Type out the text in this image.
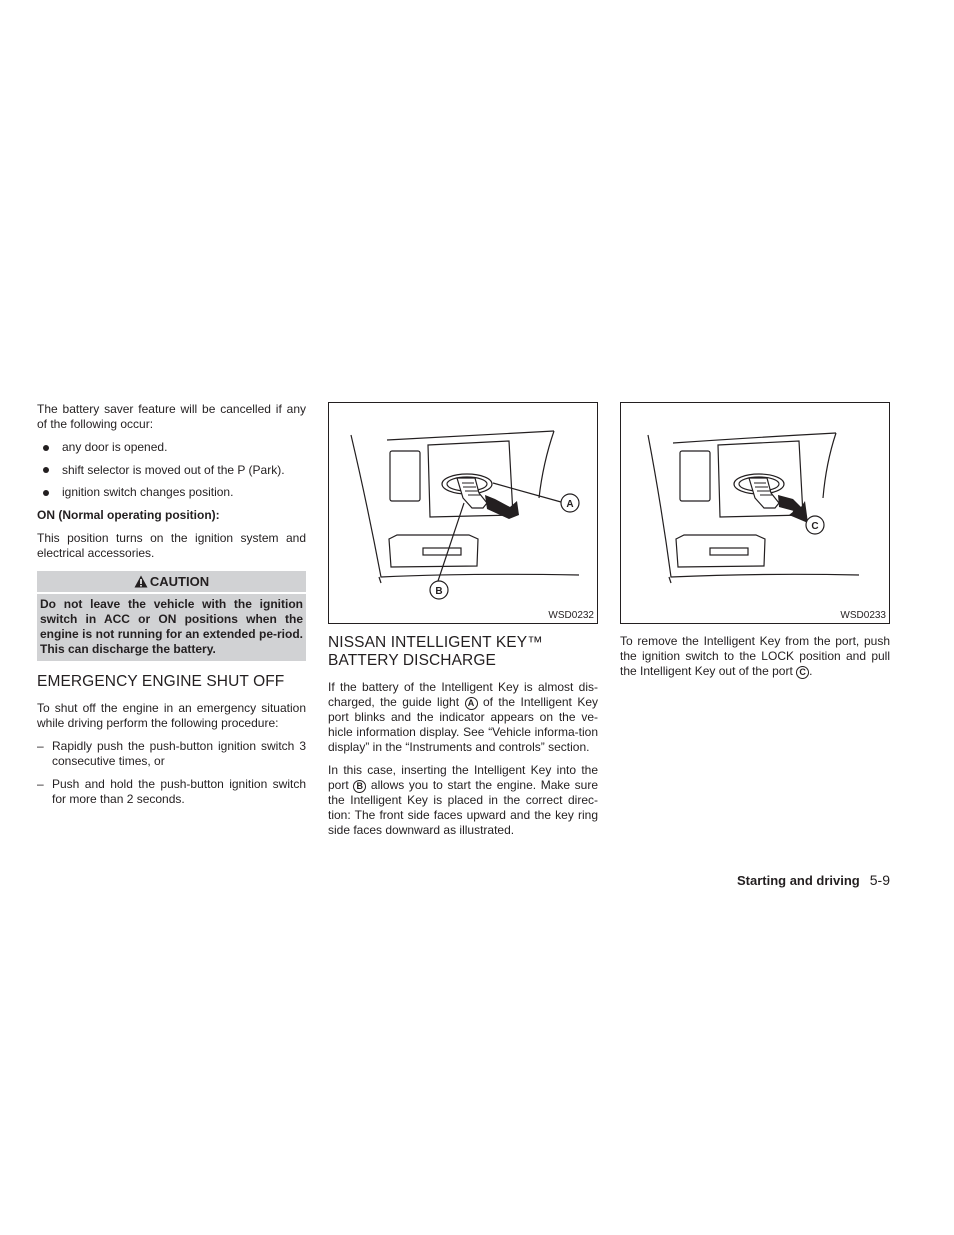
The battery saver feature will be cancelled if any of the following occur:

any door is opened.
shift selector is moved out of the P (Park).
ignition switch changes position.
ON (Normal operating position):

This position turns on the ignition system and electrical accessories.

CAUTION
Do not leave the vehicle with the ignition switch in ACC or ON positions when the engine is not running for an extended pe-riod. This can discharge the battery.
EMERGENCY ENGINE SHUT OFF

To shut off the engine in an emergency situation while driving perform the following procedure:

– Rapidly push the push-button ignition switch 3 consecutive times, or
– Push and hold the push-button ignition switch for more than 2 seconds.
A
B
WSD0232
NISSAN INTELLIGENT KEY™
BATTERY DISCHARGE

If the battery of the Intelligent Key is almost dis-charged, the guide light A of the Intelligent Key port blinks and the indicator appears on the ve-hicle information display. See “Vehicle informa-tion display” in the “Instruments and controls” section.

In this case, inserting the Intelligent Key into the port B allows you to start the engine. Make sure the Intelligent Key is placed in the correct direc-tion: The front side faces upward and the key ring side faces downward as illustrated.

C
WSD0233

To remove the Intelligent Key from the port, push the ignition switch to the LOCK position and pull the Intelligent Key out of the port C .

Starting and driving 5-9
